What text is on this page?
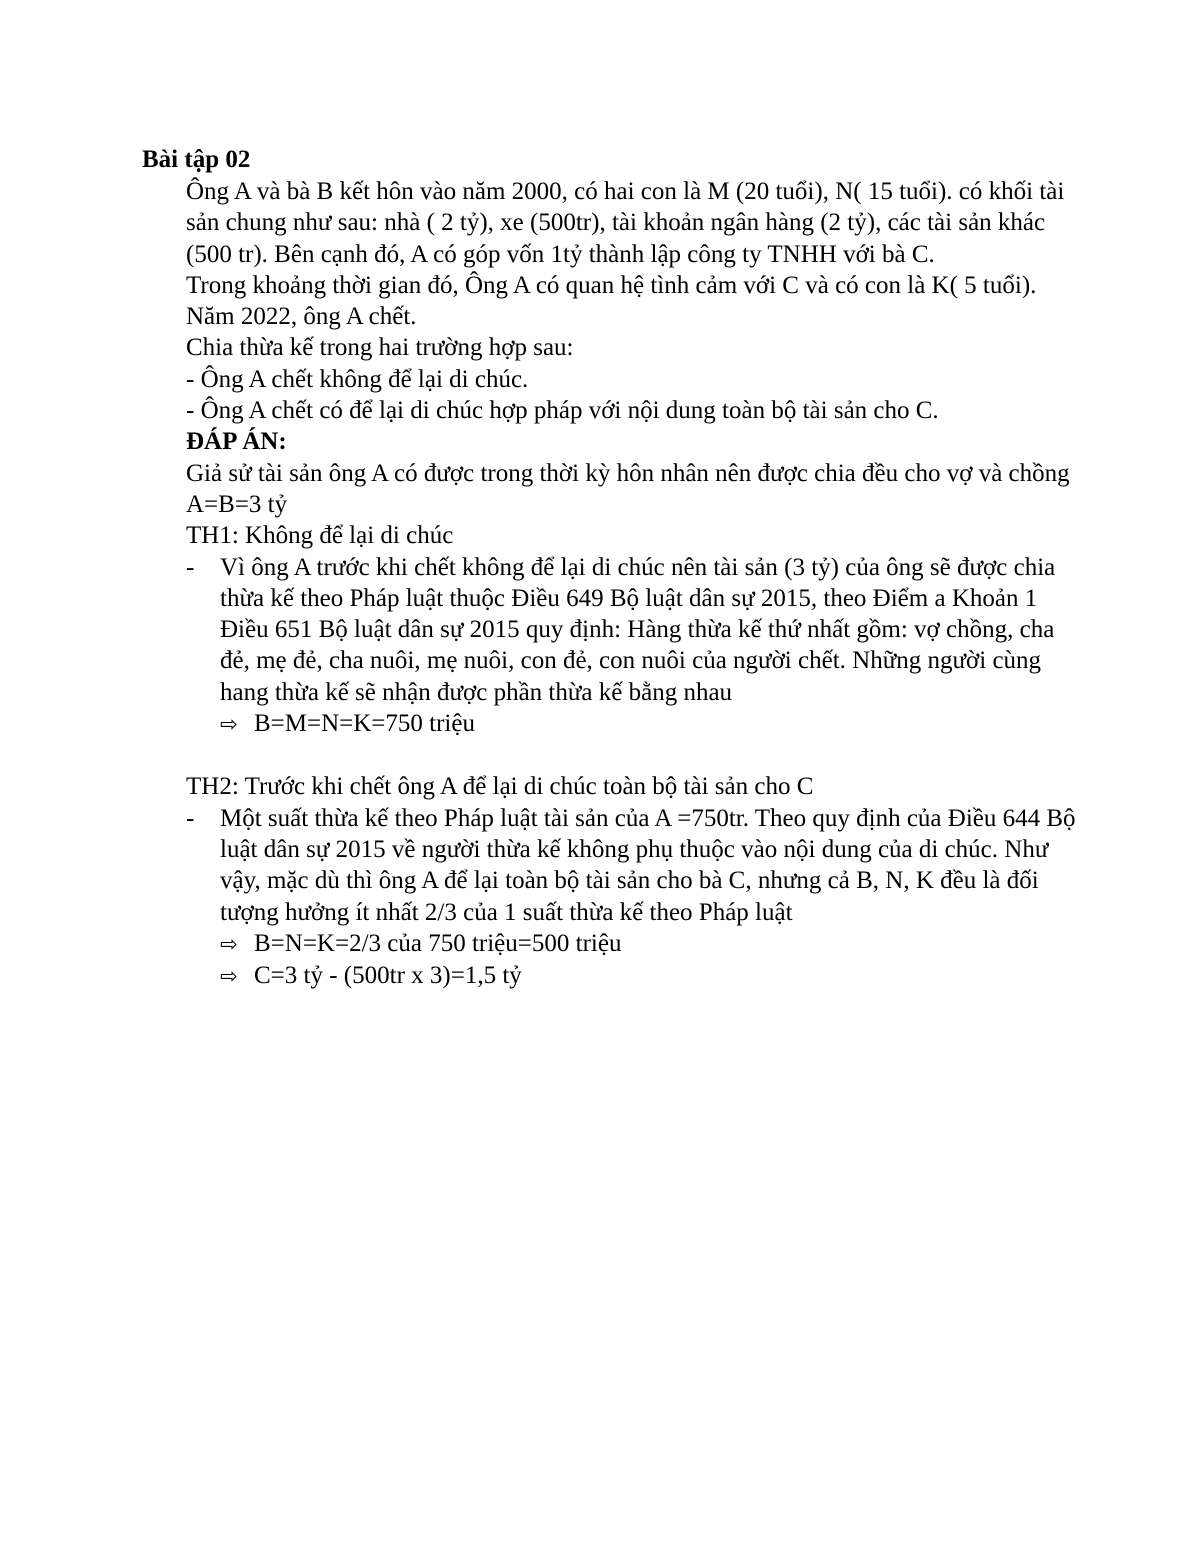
Bài tập 02

Ông A và bà B kết hôn vào năm 2000, có hai con là M (20 tuổi), N( 15 tuổi). có khối tài sản chung như sau: nhà ( 2 tỷ), xe (500tr), tài khoản ngân hàng (2 tỷ), các tài sản khác (500 tr). Bên cạnh đó, A có góp vốn 1tỷ thành lập công ty TNHH với bà C.

Trong khoảng thời gian đó, Ông A có quan hệ tình cảm với C và có con là K( 5 tuổi).

Năm 2022, ông A chết.

Chia thừa kế trong hai trường hợp sau:

- Ông A chết không để lại di chúc.

- Ông A chết có để lại di chúc hợp pháp với nội dung toàn bộ tài sản cho C.

ĐÁP ÁN:

Giả sử tài sản ông A có được trong thời kỳ hôn nhân nên được chia đều cho vợ và chồng A=B=3 tỷ

TH1: Không để lại di chúc

- Vì ông A trước khi chết không để lại di chúc nên tài sản (3 tỷ) của ông sẽ được chia thừa kế theo Pháp luật thuộc Điều 649 Bộ luật dân sự 2015, theo Điểm a Khoản 1 Điều 651 Bộ luật dân sự 2015 quy định: Hàng thừa kế thứ nhất gồm: vợ chồng, cha đẻ, mẹ đẻ, cha nuôi, mẹ nuôi, con đẻ, con nuôi của người chết. Những người cùng hang thừa kế sẽ nhận được phần thừa kế bằng nhau
⇨ B=M=N=K=750 triệu

TH2: Trước khi chết ông A để lại di chúc toàn bộ tài sản cho C

- Một suất thừa kế theo Pháp luật tài sản của A =750tr. Theo quy định của Điều 644 Bộ luật dân sự 2015 về người thừa kế không phụ thuộc vào nội dung của di chúc. Như vậy, mặc dù thì ông A để lại toàn bộ tài sản cho bà C, nhưng cả B, N, K đều là đối tượng hưởng ít nhất 2/3 của 1 suất thừa kế theo Pháp luật
⇨ B=N=K=2/3 của 750 triệu=500 triệu
⇨ C=3 tỷ - (500tr x 3)=1,5 tỷ
